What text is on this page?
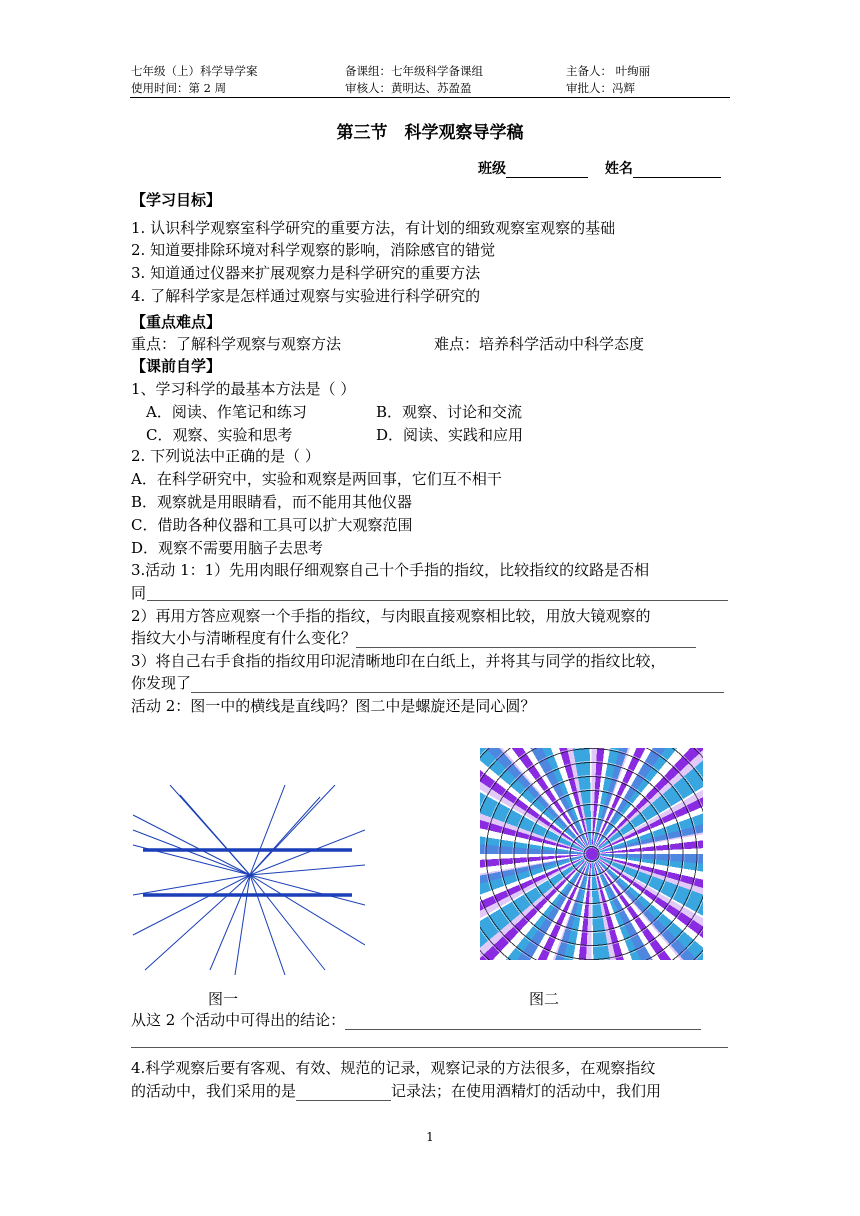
七年级（上）科学导学案	备课组：七年级科学备课组	主备人： 叶绚丽
使用时间：第 2 周	审核人：黄明达、苏盈盈	审批人：冯辉
第三节　科学观察导学稿
班级	姓名
【学习目标】
1. 认识科学观察室科学研究的重要方法，有计划的细致观察室观察的基础
2. 知道要排除环境对科学观察的影响，消除感官的错觉
3. 知道通过仪器来扩展观察力是科学研究的重要方法
4. 了解科学家是怎样通过观察与实验进行科学研究的
【重点难点】
重点：了解科学观察与观察方法	难点：培养科学活动中科学态度
【课前自学】
1、学习科学的最基本方法是（ ）
A．阅读、作笔记和练习	B．观察、讨论和交流
C．观察、实验和思考	D．阅读、实践和应用
2. 下列说法中正确的是（ ）
A．在科学研究中，实验和观察是两回事，它们互不相干
B．观察就是用眼睛看，而不能用其他仪器
C．借助各种仪器和工具可以扩大观察范围
D．观察不需要用脑子去思考
3.活动 1：1）先用肉眼仔细观察自己十个手指的指纹，比较指纹的纹路是否相
同
2）再用方答应观察一个手指的指纹，与肉眼直接观察相比较，用放大镜观察的
指纹大小与清晰程度有什么变化？
3）将自己右手食指的指纹用印泥清晰地印在白纸上，并将其与同学的指纹比较，
你发现了
活动 2：图一中的横线是直线吗？图二中是螺旋还是同心圆？
图一	图二
从这 2 个活动中可得出的结论：
4.科学观察后要有客观、有效、规范的记录，观察记录的方法很多，在观察指纹
的活动中，我们采用的是	记录法；在使用酒精灯的活动中，我们用
1
